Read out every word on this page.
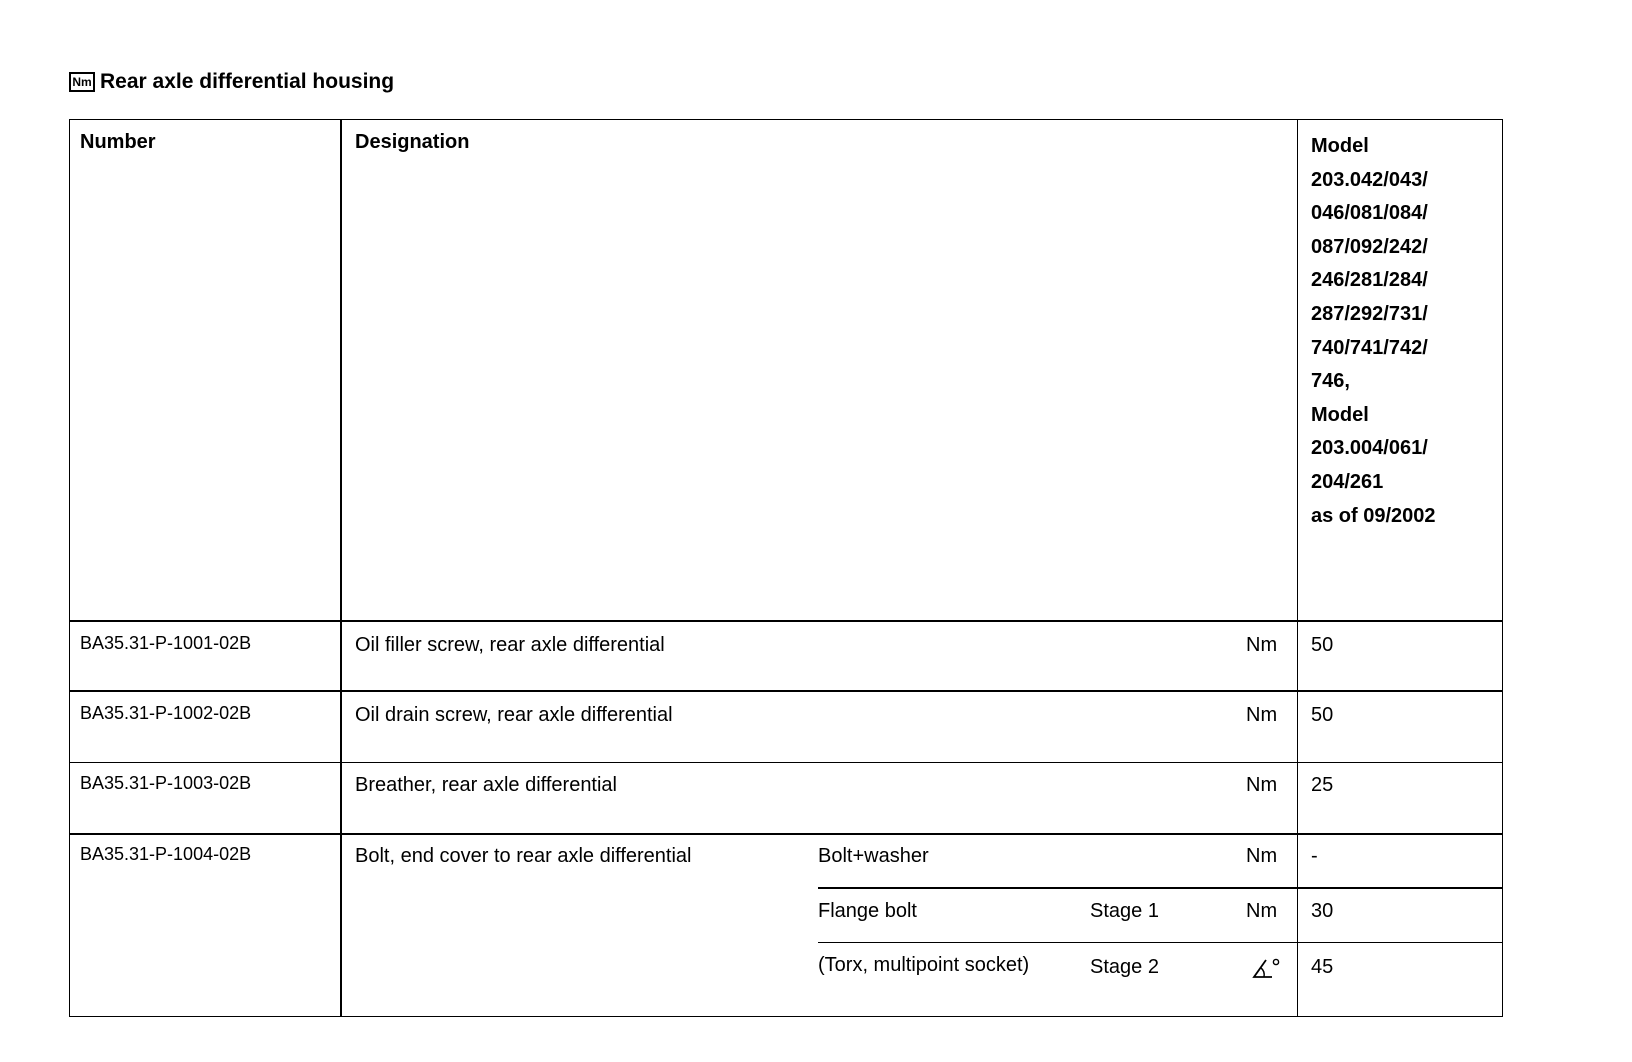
Nm Rear axle differential housing
Number	Designation	Model
203.042/043/
046/081/084/
087/092/242/
246/281/284/
287/292/731/
740/741/742/
746,
Model
203.004/061/
204/261
as of 09/2002
BA35.31-P-1001-02B	Oil filler screw, rear axle differential	Nm 50
BA35.31-P-1002-02B	Oil drain screw, rear axle differential	Nm 50
BA35.31-P-1003-02B	Breather, rear axle differential	Nm 25
BA35.31-P-1004-02B	Bolt, end cover to rear axle differential	Bolt+washer	Nm -
Flange bolt	Stage 1	Nm 30
(Torx, multipoint socket)	Stage 2	45
